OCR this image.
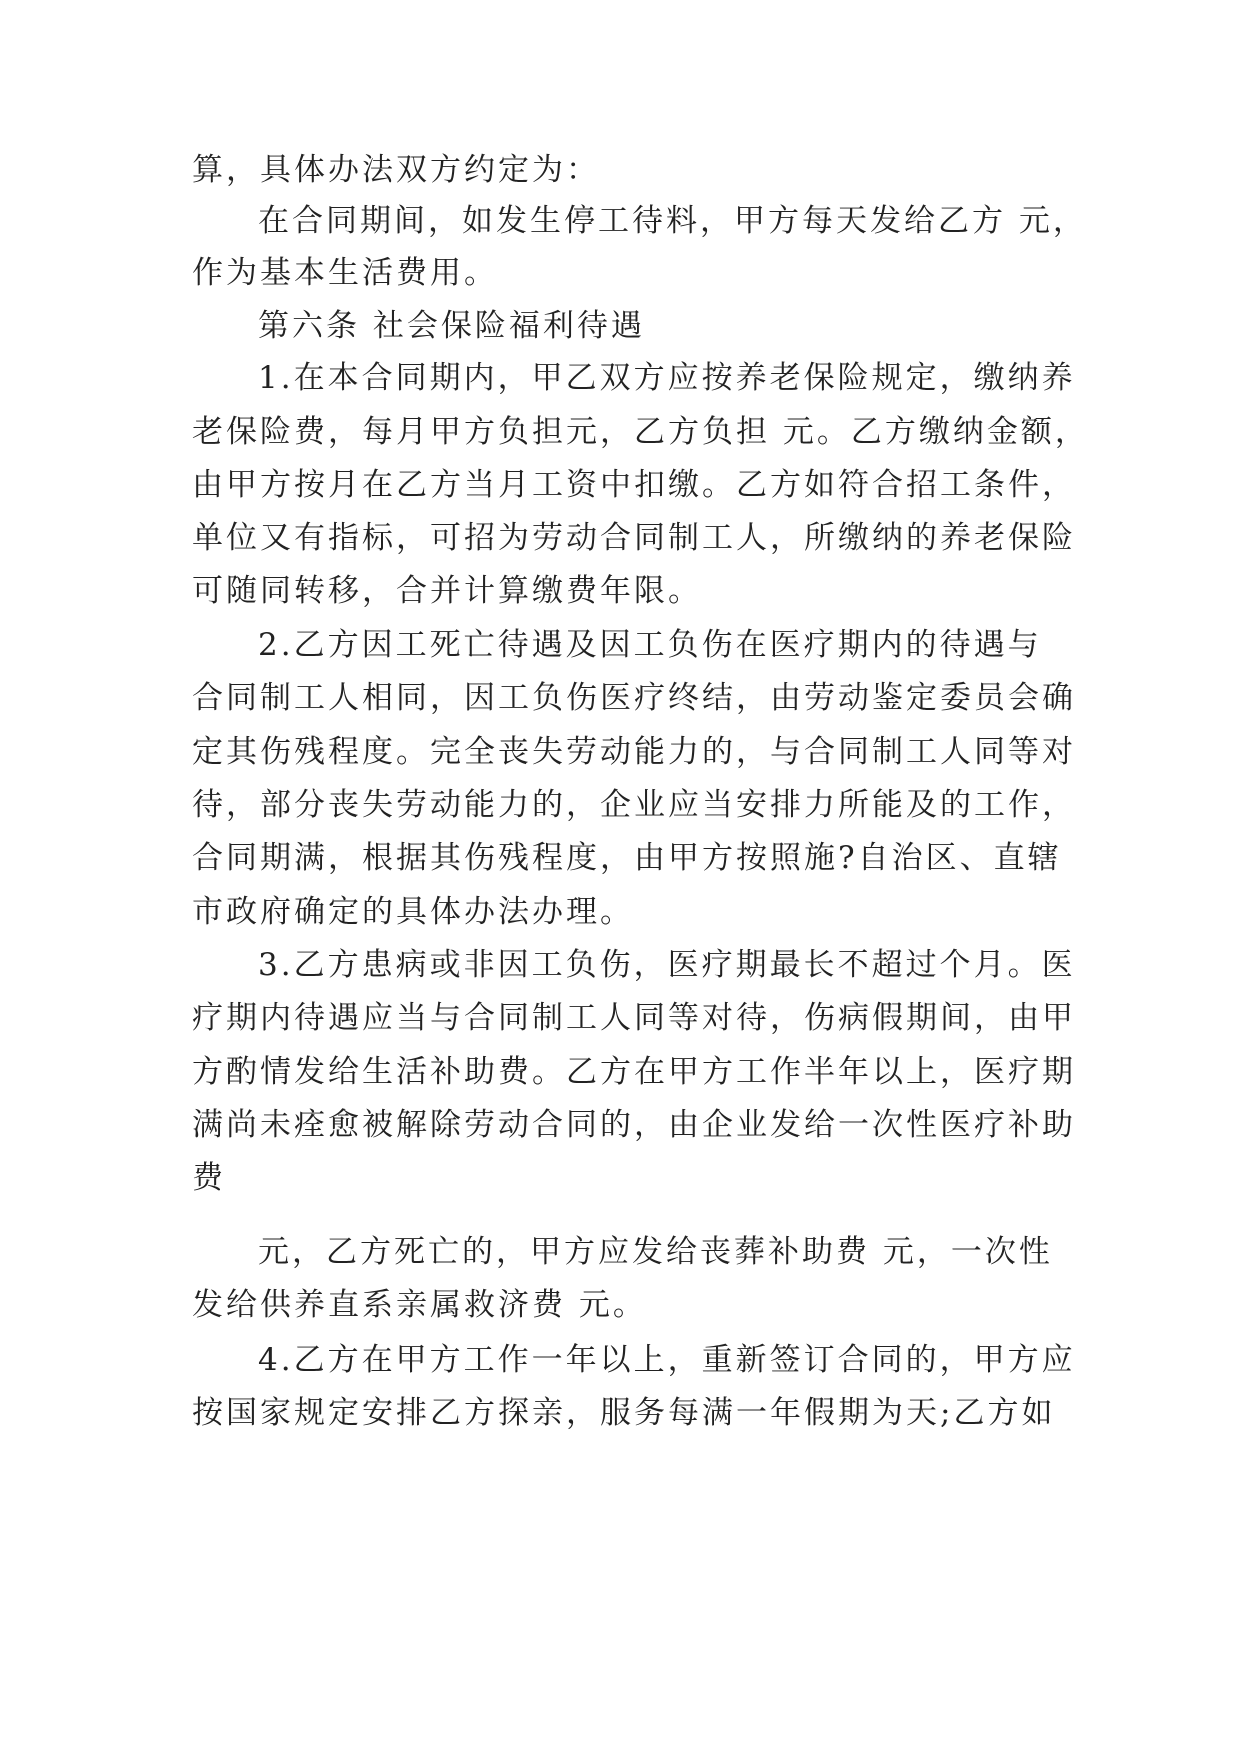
算，具体办法双方约定为：

在合同期间，如发生停工待料，甲方每天发给乙方 元，

作为基本生活费用。

第六条 社会保险福利待遇

1.在本合同期内，甲乙双方应按养老保险规定，缴纳养

老保险费，每月甲方负担元，乙方负担 元。乙方缴纳金额，

由甲方按月在乙方当月工资中扣缴。乙方如符合招工条件，

单位又有指标，可招为劳动合同制工人，所缴纳的养老保险

可随同转移，合并计算缴费年限。

2.乙方因工死亡待遇及因工负伤在医疗期内的待遇与

合同制工人相同，因工负伤医疗终结，由劳动鉴定委员会确

定其伤残程度。完全丧失劳动能力的，与合同制工人同等对

待，部分丧失劳动能力的，企业应当安排力所能及的工作，

合同期满，根据其伤残程度，由甲方按照施?自治区、直辖

市政府确定的具体办法办理。

3.乙方患病或非因工负伤，医疗期最长不超过个月。医

疗期内待遇应当与合同制工人同等对待，伤病假期间，由甲

方酌情发给生活补助费。乙方在甲方工作半年以上，医疗期

满尚未痊愈被解除劳动合同的，由企业发给一次性医疗补助

费

元，乙方死亡的，甲方应发给丧葬补助费 元，一次性

发给供养直系亲属救济费 元。

4.乙方在甲方工作一年以上，重新签订合同的，甲方应

按国家规定安排乙方探亲，服务每满一年假期为天;乙方如
